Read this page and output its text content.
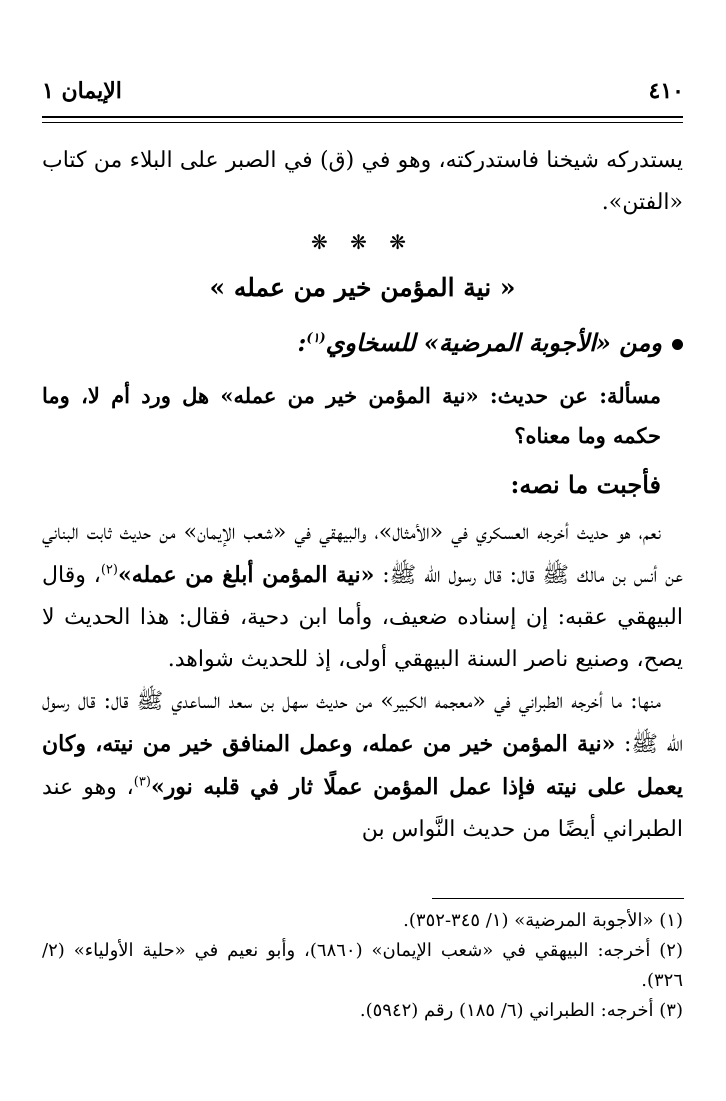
٤١٠
الإيمان ١

يستدركه شيخنا فاستدركته، وهو في (ق) في الصبر على البلاء من كتاب «الفتن».

❋ ❋ ❋

« نية المؤمن خير من عمله »

ومن «الأجوبة المرضية» للسخاوي$^{(١)}$:

مسألة: عن حديث: «نية المؤمن خير من عمله» هل ورد أم لا، وما حكمه وما معناه؟

فأجبت ما نصه:

نعم، هو حديث أخرجه العسكري في «الأمثال»، والبيهقي في «شعب الإيمان» من حديث ثابت البناني عن أنس بن مالك ﷺ قال: قال رسول الله ﷺ: «نية المؤمن أبلغ من عمله»$^{(٢)}$، وقال البيهقي عقبه: إن إسناده ضعيف، وأما ابن دحية، فقال: هذا الحديث لا يصح، وصنيع ناصر السنة البيهقي أولى، إذ للحديث شواهد.

منها: ما أخرجه الطبراني في «معجمه الكبير» من حديث سهل بن سعد الساعدي ﷺ قال: قال رسول الله ﷺ: «نية المؤمن خير من عمله، وعمل المنافق خير من نيته، وكان يعمل على نيته فإذا عمل المؤمن عملًا ثار في قلبه نور»$^{(٣)}$، وهو عند الطبراني أيضًا من حديث النَّواس بن

(١) «الأجوبة المرضية» (١/ ٣٤٥-٣٥٢).

(٢) أخرجه: البيهقي في «شعب الإيمان» (٦٨٦٠)، وأبو نعيم في «حلية الأولياء» (٢/ ٣٢٦).

(٣) أخرجه: الطبراني (٦/ ١٨٥) رقم (٥٩٤٢).
